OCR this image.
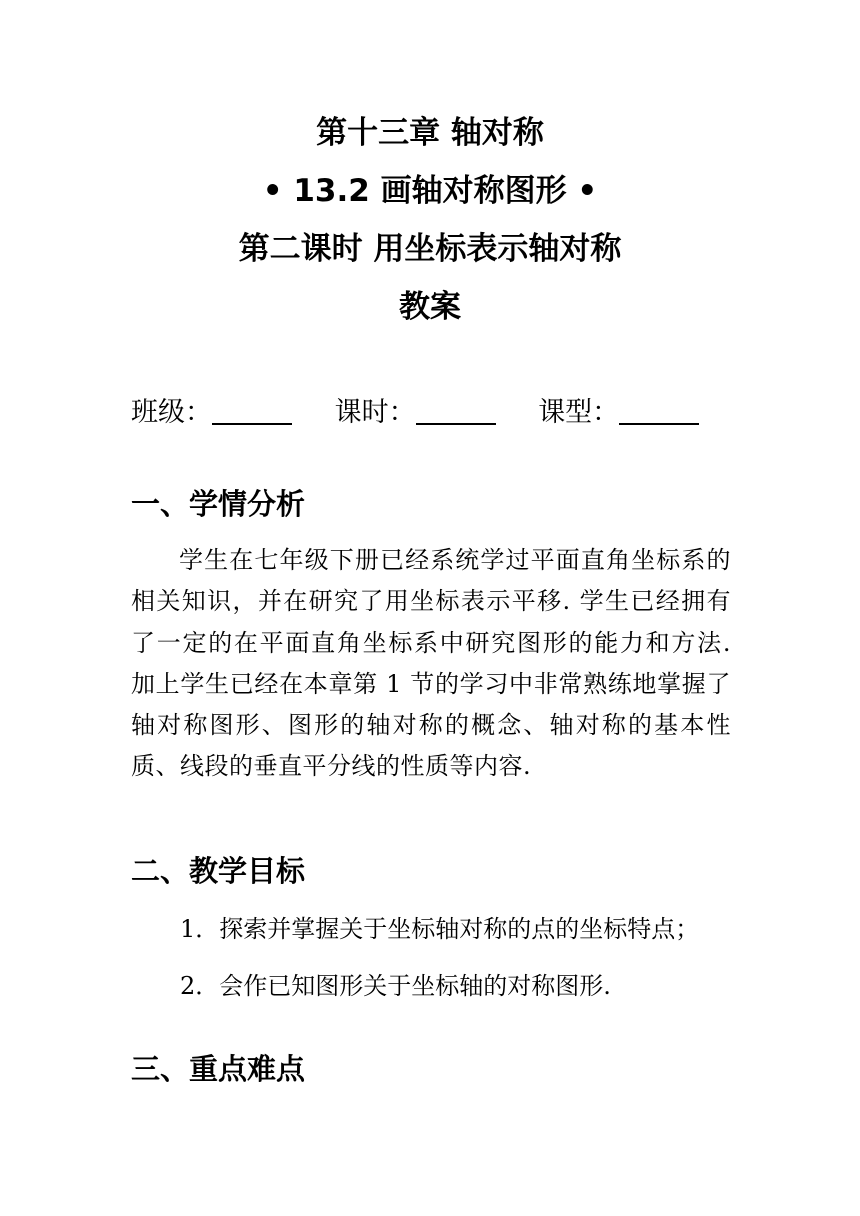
第十三章 轴对称
• 13.2 画轴对称图形 •
第二课时 用坐标表示轴对称
教案
班级：	课时：	课型：
一、学情分析

学生在七年级下册已经系统学过平面直角坐标系的相关知识，并在研究了用坐标表示平移. 学生已经拥有了一定的在平面直角坐标系中研究图形的能力和方法. 加上学生已经在本章第 1 节的学习中非常熟练地掌握了轴对称图形、图形的轴对称的概念、轴对称的基本性质、线段的垂直平分线的性质等内容.

二、教学目标
1．探索并掌握关于坐标轴对称的点的坐标特点；
2．会作已知图形关于坐标轴的对称图形.
三、重点难点
